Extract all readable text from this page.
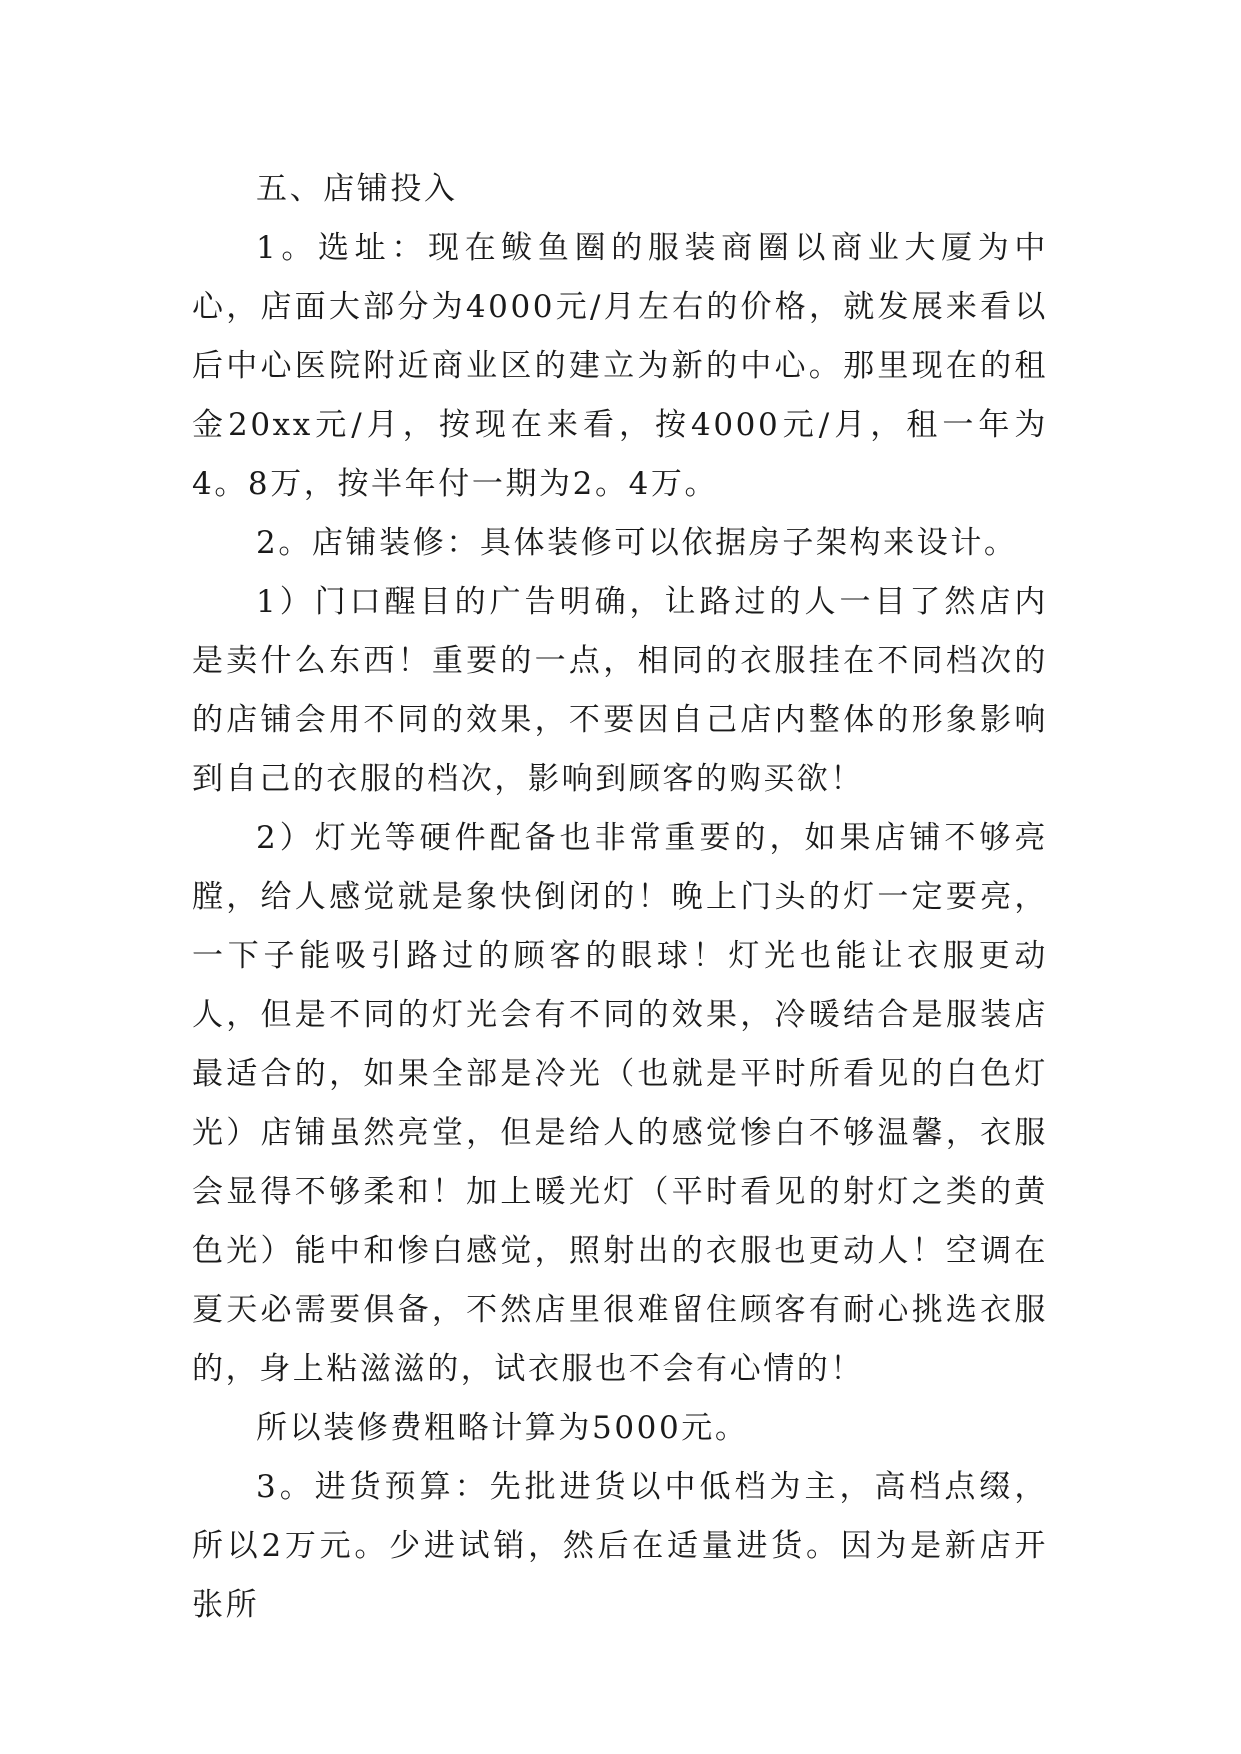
五、店铺投入

1。选址：现在鲅鱼圈的服装商圈以商业大厦为中心，店面大部分为4000元/月左右的价格，就发展来看以后中心医院附近商业区的建立为新的中心。那里现在的租金20xx元/月，按现在来看，按4000元/月，租一年为4。8万，按半年付一期为2。4万。

2。店铺装修：具体装修可以依据房子架构来设计。

1）门口醒目的广告明确，让路过的人一目了然店内是卖什么东西！重要的一点，相同的衣服挂在不同档次的的店铺会用不同的效果，不要因自己店内整体的形象影响到自己的衣服的档次，影响到顾客的购买欲！

2）灯光等硬件配备也非常重要的，如果店铺不够亮膛，给人感觉就是象快倒闭的！晚上门头的灯一定要亮，一下子能吸引路过的顾客的眼球！灯光也能让衣服更动人，但是不同的灯光会有不同的效果，冷暖结合是服装店最适合的，如果全部是冷光（也就是平时所看见的白色灯光）店铺虽然亮堂，但是给人的感觉惨白不够温馨，衣服会显得不够柔和！加上暖光灯（平时看见的射灯之类的黄色光）能中和惨白感觉，照射出的衣服也更动人！空调在夏天必需要俱备，不然店里很难留住顾客有耐心挑选衣服的，身上粘滋滋的，试衣服也不会有心情的！

所以装修费粗略计算为5000元。

3。进货预算：先批进货以中低档为主，高档点缀，所以2万元。少进试销，然后在适量进货。因为是新店开张所
